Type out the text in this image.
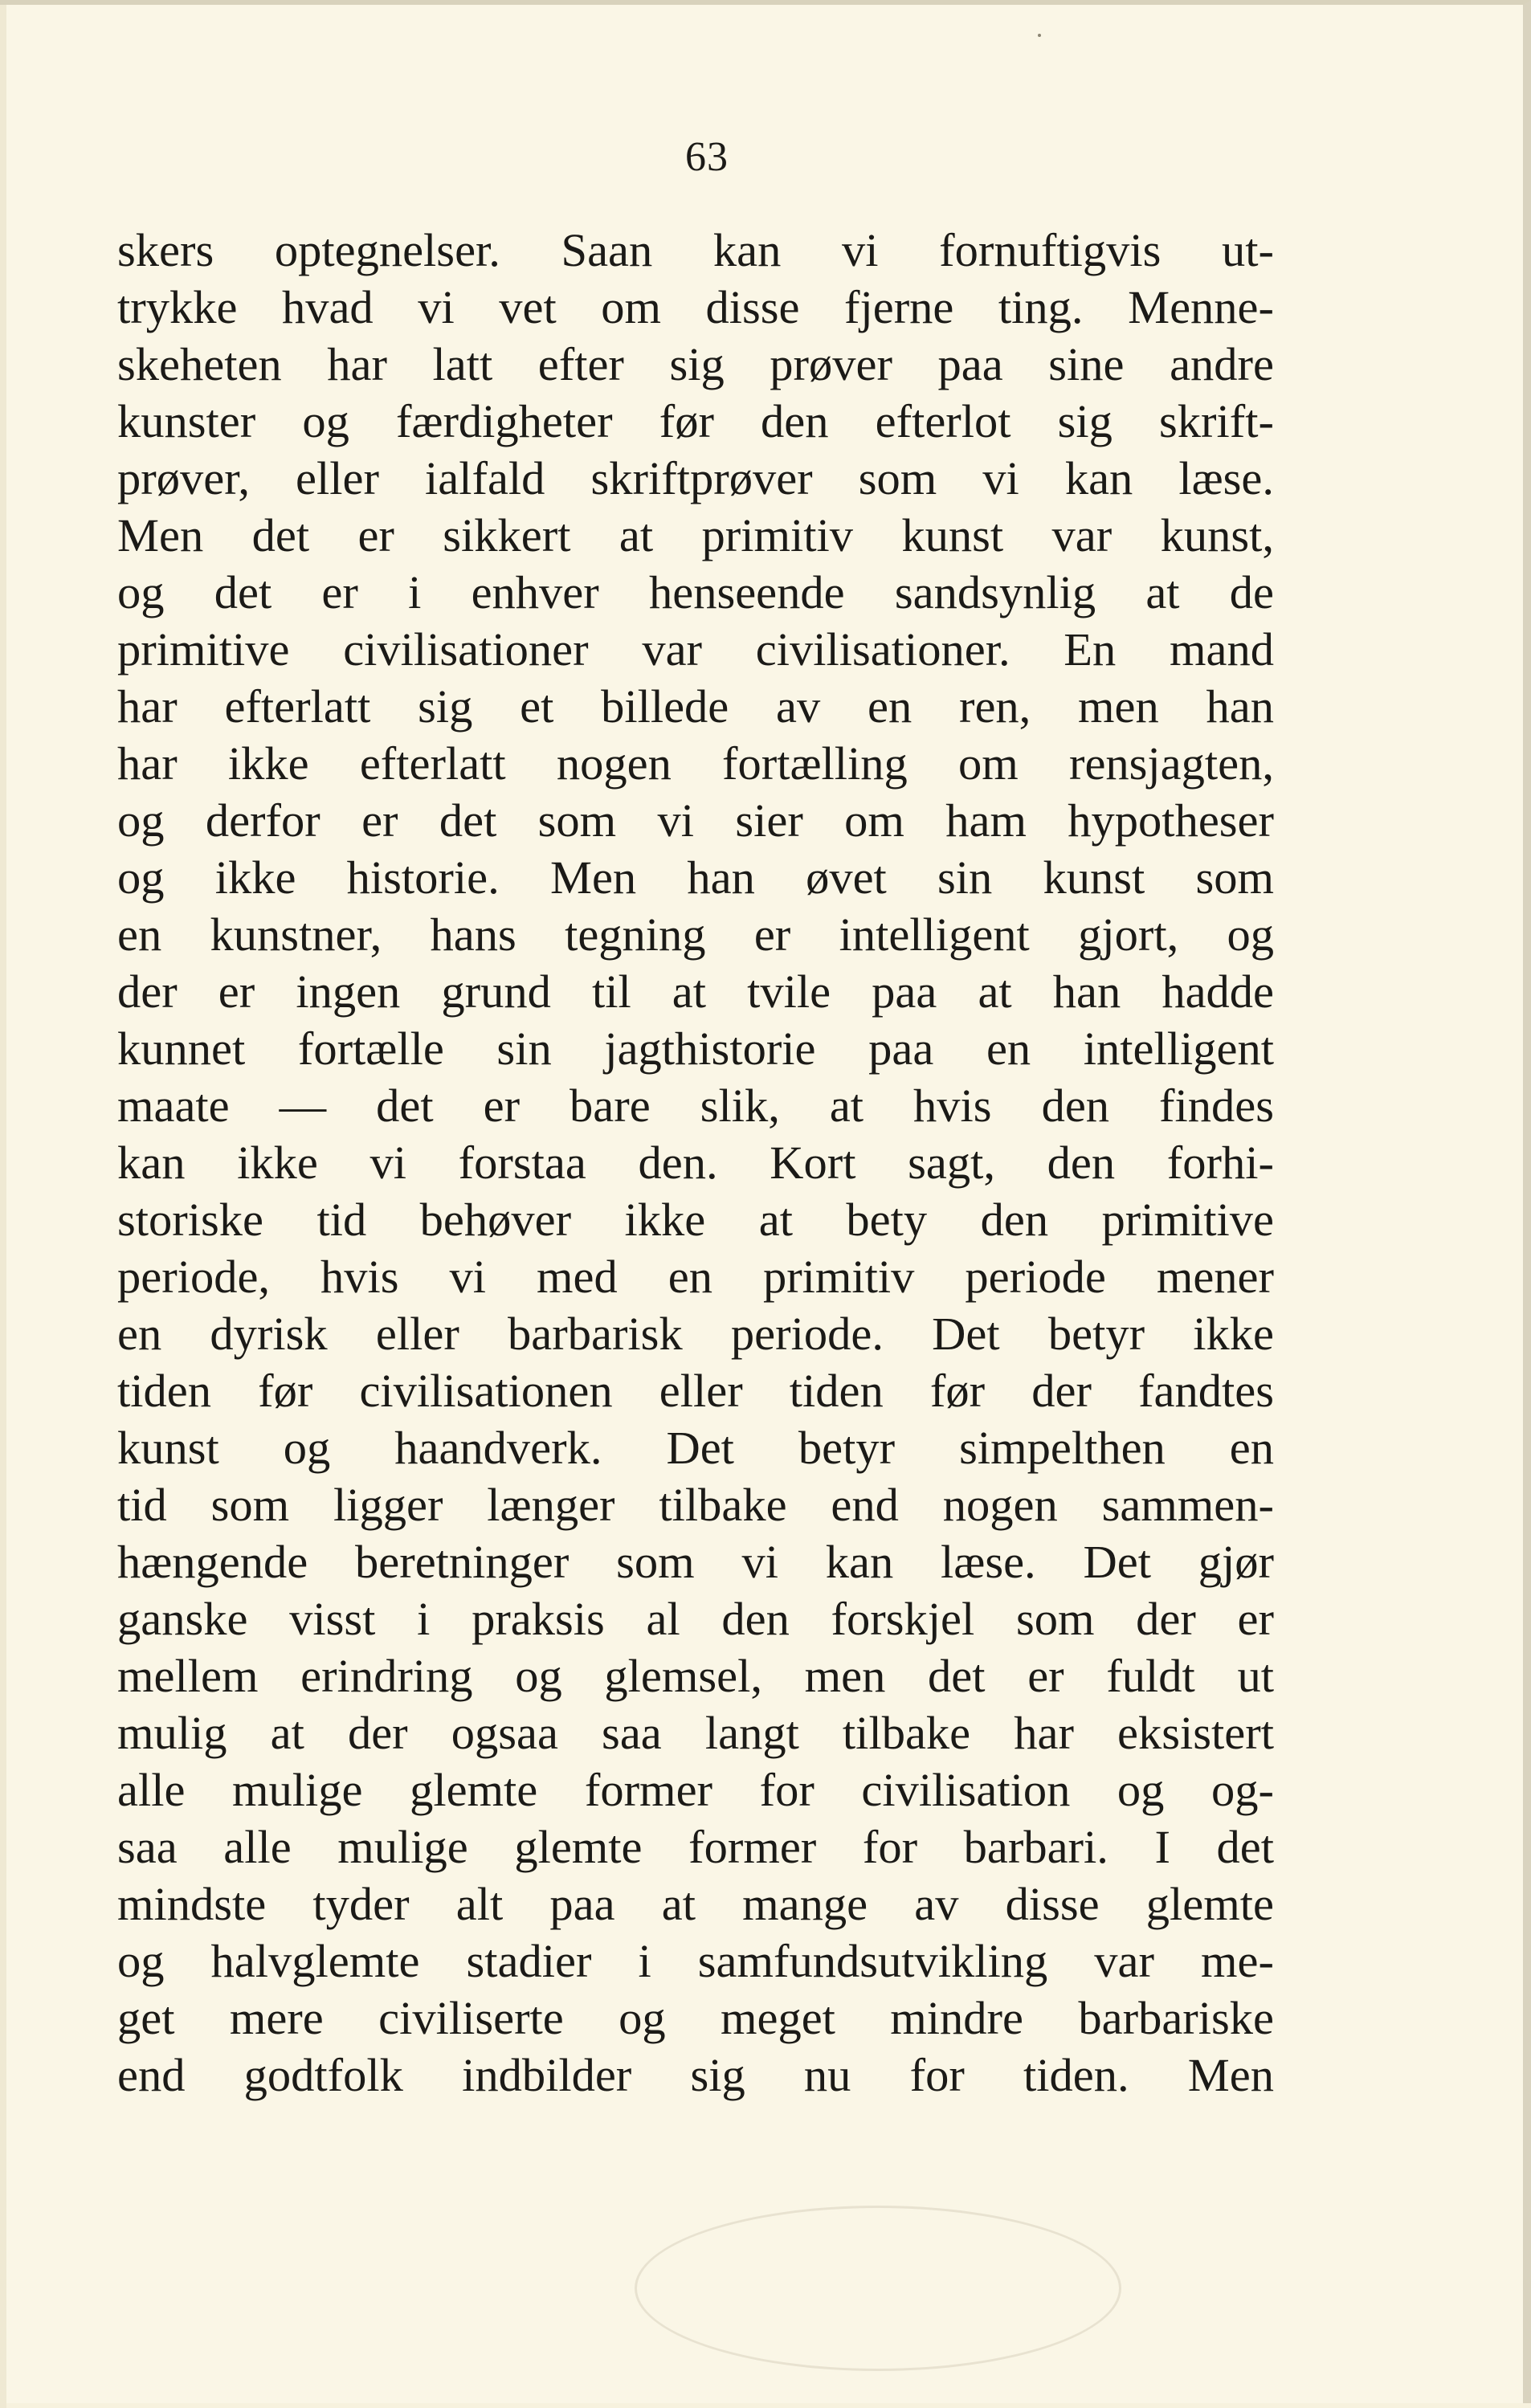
63
skers optegnelser. Saan kan vi fornuftigvis ut-
trykke hvad vi vet om disse fjerne ting. Menne-
skeheten har latt efter sig prøver paa sine andre
kunster og færdigheter før den efterlot sig skrift-
prøver, eller ialfald skriftprøver som vi kan læse.
Men det er sikkert at primitiv kunst var kunst,
og det er i enhver henseende sandsynlig at de
primitive civilisationer var civilisationer. En mand
har efterlatt sig et billede av en ren, men han
har ikke efterlatt nogen fortælling om rensjagten,
og derfor er det som vi sier om ham hypotheser
og ikke historie. Men han øvet sin kunst som
en kunstner, hans tegning er intelligent gjort, og
der er ingen grund til at tvile paa at han hadde
kunnet fortælle sin jagthistorie paa en intelligent
maate — det er bare slik, at hvis den findes
kan ikke vi forstaa den. Kort sagt, den forhi-
storiske tid behøver ikke at bety den primitive
periode, hvis vi med en primitiv periode mener
en dyrisk eller barbarisk periode. Det betyr ikke
tiden før civilisationen eller tiden før der fandtes
kunst og haandverk. Det betyr simpelthen en
tid som ligger længer tilbake end nogen sammen-
hængende beretninger som vi kan læse. Det gjør
ganske visst i praksis al den forskjel som der er
mellem erindring og glemsel, men det er fuldt ut
mulig at der ogsaa saa langt tilbake har eksistert
alle mulige glemte former for civilisation og og-
saa alle mulige glemte former for barbari. I det
mindste tyder alt paa at mange av disse glemte
og halvglemte stadier i samfundsutvikling var me-
get mere civiliserte og meget mindre barbariske
end godtfolk indbilder sig nu for tiden. Men
